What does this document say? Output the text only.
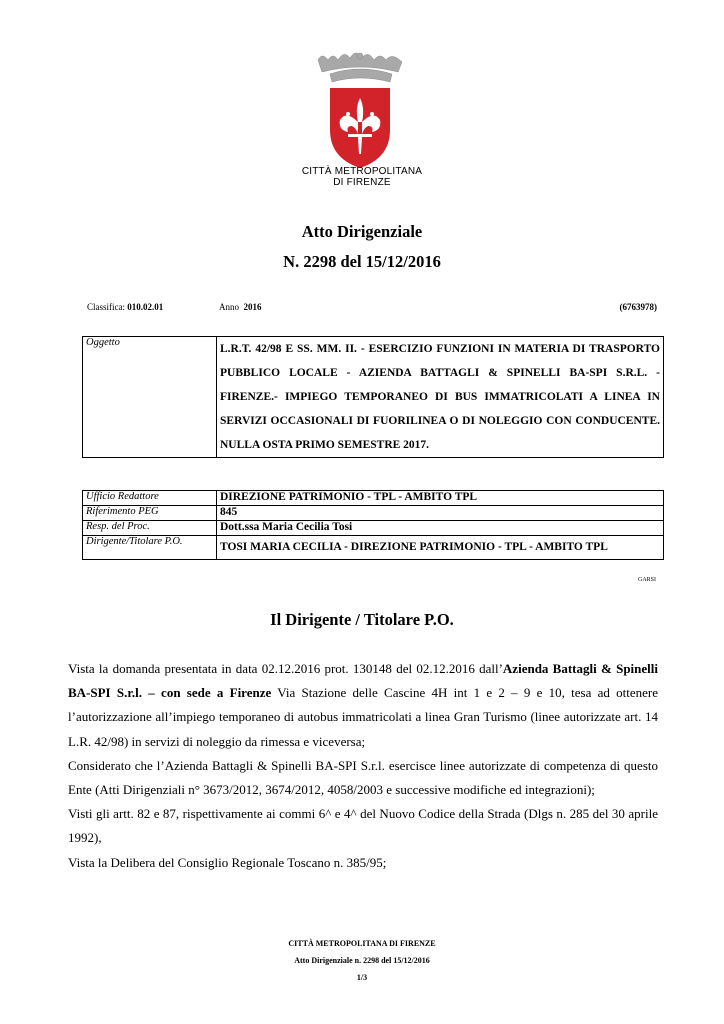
CITTÀ METROPOLITANA
DI FIRENZE
Atto Dirigenziale
N. 2298 del 15/12/2016
Classifica: 010.02.01	Anno 2016	(6763978)
Oggetto	L.R.T. 42/98 E SS. MM. II. - ESERCIZIO FUNZIONI IN MATERIA DI TRASPORTO PUBBLICO LOCALE - AZIENDA BATTAGLI & SPINELLI BA-SPI S.R.L. - FIRENZE.- IMPIEGO TEMPORANEO DI BUS IMMATRICOLATI A LINEA IN SERVIZI OCCASIONALI DI FUORILINEA O DI NOLEGGIO CON CONDUCENTE. NULLA OSTA PRIMO SEMESTRE 2017.
Ufficio Redattore	DIREZIONE PATRIMONIO - TPL - AMBITO TPL
Riferimento PEG	845
Resp. del Proc.	Dott.ssa Maria Cecilia Tosi
Dirigente/Titolare P.O.	TOSI MARIA CECILIA - DIREZIONE PATRIMONIO - TPL - AMBITO TPL
GARSI
Il Dirigente / Titolare P.O.

Vista la domanda presentata in data 02.12.2016 prot. 130148 del 02.12.2016 dall’Azienda Battagli & Spinelli BA-SPI S.r.l. – con sede a Firenze Via Stazione delle Cascine 4H int 1 e 2 – 9 e 10, tesa ad ottenere l’autorizzazione all’impiego temporaneo di autobus immatricolati a linea Gran Turismo (linee autorizzate art. 14 L.R. 42/98) in servizi di noleggio da rimessa e viceversa;

Considerato che l’Azienda Battagli & Spinelli BA-SPI S.r.l. esercisce linee autorizzate di competenza di questo Ente (Atti Dirigenziali n° 3673/2012, 3674/2012, 4058/2003 e successive modifiche ed integrazioni);

Visti gli artt. 82 e 87, rispettivamente ai commi 6^ e 4^ del Nuovo Codice della Strada (Dlgs n. 285 del 30 aprile 1992),

Vista la Delibera del Consiglio Regionale Toscano n. 385/95;

CITTÀ METROPOLITANA DI FIRENZE
Atto Dirigenziale n. 2298 del 15/12/2016
1/3
